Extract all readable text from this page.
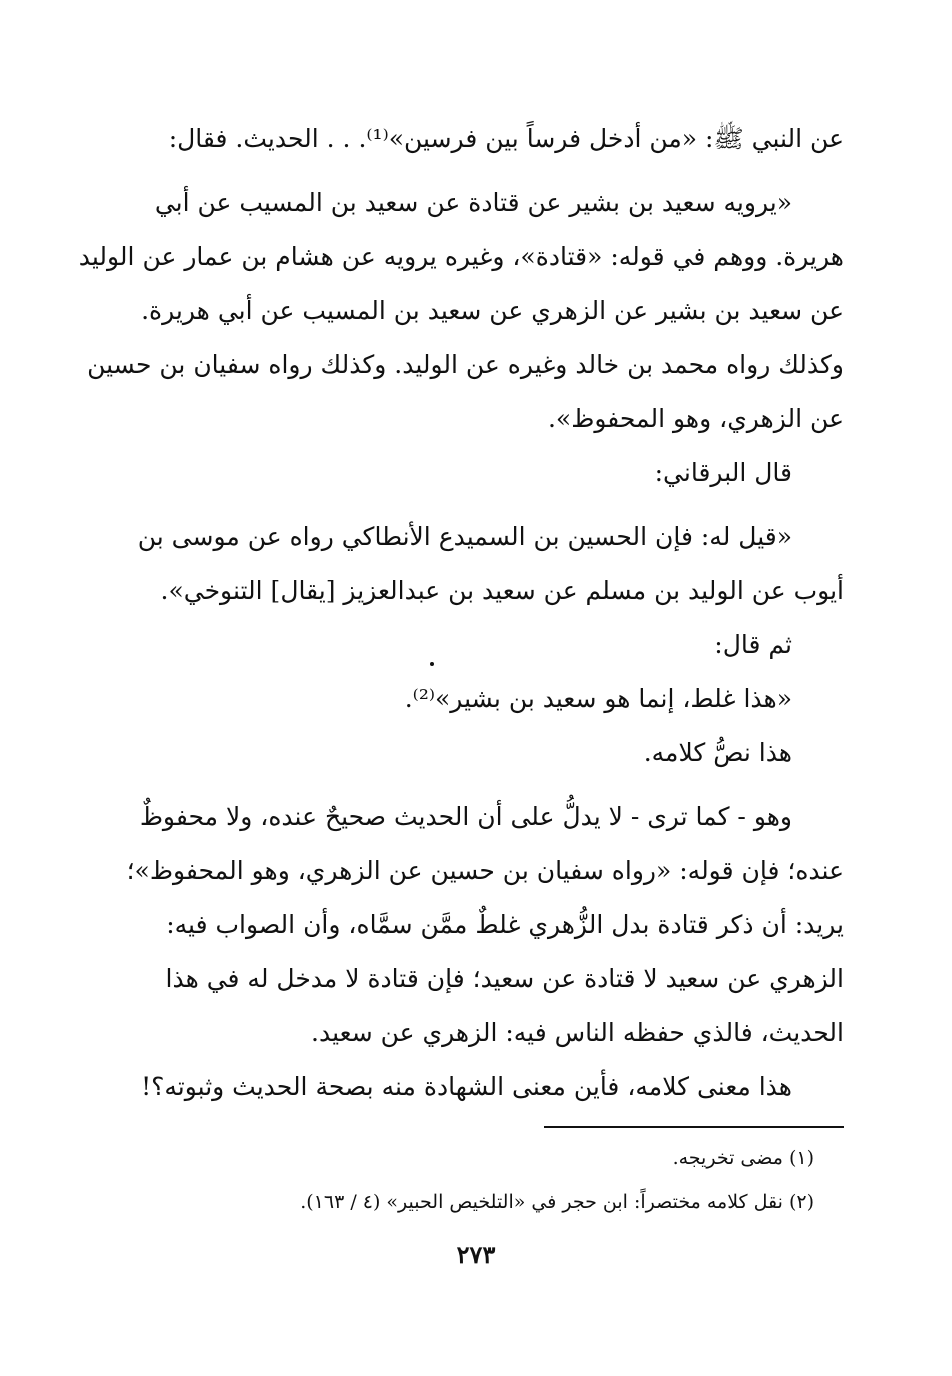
عن النبي ﷺ: «من أدخل فرساً بين فرسين»⁽¹⁾. . . الحديث. فقال:
«يرويه سعيد بن بشير عن قتادة عن سعيد بن المسيب عن أبي
هريرة. ووهم في قوله: «قتادة»، وغيره يرويه عن هشام بن عمار عن الوليد
عن سعيد بن بشير عن الزهري عن سعيد بن المسيب عن أبي هريرة.
وكذلك رواه محمد بن خالد وغيره عن الوليد. وكذلك رواه سفيان بن حسين
عن الزهري، وهو المحفوظ».
قال البرقاني:
«قيل له: فإن الحسين بن السميدع الأنطاكي رواه عن موسى بن
أيوب عن الوليد بن مسلم عن سعيد بن عبدالعزيز [يقال] التنوخي».
ثم قال:
«هذا غلط، إنما هو سعيد بن بشير»⁽²⁾.
هذا نصُّ كلامه.
وهو - كما ترى - لا يدلُّ على أن الحديث صحيحٌ عنده، ولا محفوظٌ
عنده؛ فإن قوله: «رواه سفيان بن حسين عن الزهري، وهو المحفوظ»؛
يريد: أن ذكر قتادة بدل الزُّهري غلطٌ ممَّن سمَّاه، وأن الصواب فيه:
الزهري عن سعيد لا قتادة عن سعيد؛ فإن قتادة لا مدخل له في هذا
الحديث، فالذي حفظه الناس فيه: الزهري عن سعيد.
هذا معنى كلامه، فأين معنى الشهادة منه بصحة الحديث وثبوته؟!
(١) مضى تخريجه.
(٢) نقل كلامه مختصراً: ابن حجر في «التلخيص الحبير» (٤ / ١٦٣).
٢٧٣
